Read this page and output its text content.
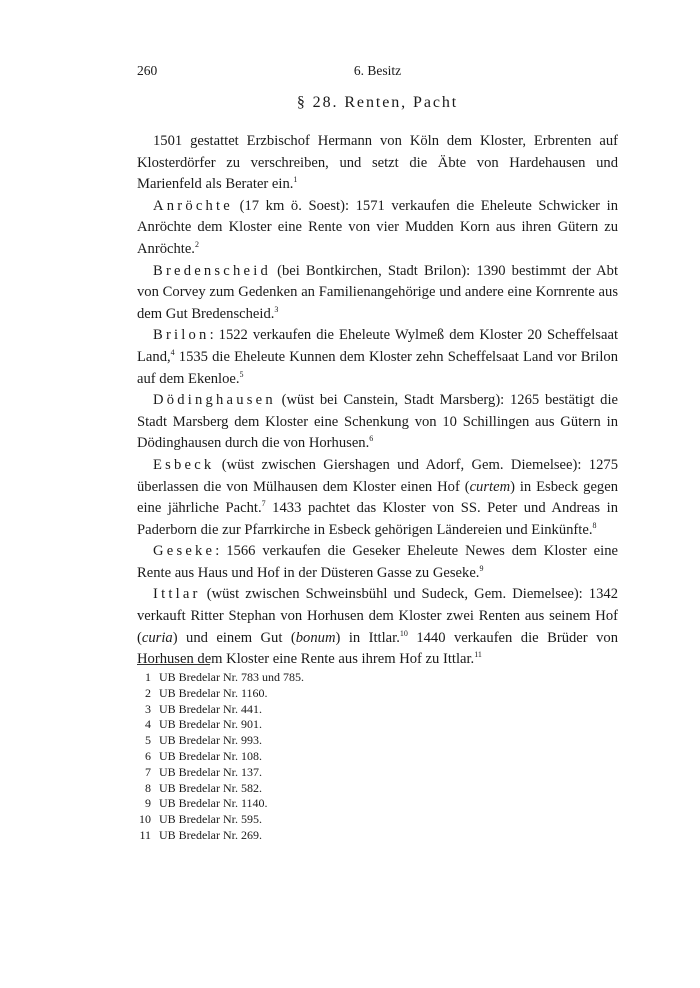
260	6. Besitz
§ 28. Renten, Pacht

1501 gestattet Erzbischof Hermann von Köln dem Kloster, Erbrenten auf Klosterdörfer zu verschreiben, und setzt die Äbte von Hardehausen und Marienfeld als Berater ein.$^1$

Anröchte (17 km ö. Soest): 1571 verkaufen die Eheleute Schwicker in Anröchte dem Kloster eine Rente von vier Mudden Korn aus ihren Gütern zu Anröchte.$^2$

Bredenscheid (bei Bontkirchen, Stadt Brilon): 1390 bestimmt der Abt von Corvey zum Gedenken an Familienangehörige und andere eine Kornrente aus dem Gut Bredenscheid.$^3$

Brilon: 1522 verkaufen die Eheleute Wylmeß dem Kloster 20 Scheffelsaat Land,$^4$ 1535 die Eheleute Kunnen dem Kloster zehn Scheffelsaat Land vor Brilon auf dem Ekenloe.$^5$

Dödinghausen (wüst bei Canstein, Stadt Marsberg): 1265 bestätigt die Stadt Marsberg dem Kloster eine Schenkung von 10 Schillingen aus Gütern in Dödinghausen durch die von Horhusen.$^6$

Esbeck (wüst zwischen Giershagen und Adorf, Gem. Diemelsee): 1275 überlassen die von Mülhausen dem Kloster einen Hof (curtem) in Esbeck gegen eine jährliche Pacht.$^7$ 1433 pachtet das Kloster von SS. Peter und Andreas in Paderborn die zur Pfarrkirche in Esbeck gehörigen Ländereien und Einkünfte.$^8$

Geseke: 1566 verkaufen die Geseker Eheleute Newes dem Kloster eine Rente aus Haus und Hof in der Düsteren Gasse zu Geseke.$^9$

Ittlar (wüst zwischen Schweinsbühl und Sudeck, Gem. Diemelsee): 1342 verkauft Ritter Stephan von Horhusen dem Kloster zwei Renten aus seinem Hof (curia) und einem Gut (bonum) in Ittlar.$^{10}$ 1440 verkaufen die Brüder von Horhusen dem Kloster eine Rente aus ihrem Hof zu Ittlar.$^{11}$

1 UB Bredelar Nr. 783 und 785.
2 UB Bredelar Nr. 1160.
3 UB Bredelar Nr. 441.
4 UB Bredelar Nr. 901.
5 UB Bredelar Nr. 993.
6 UB Bredelar Nr. 108.
7 UB Bredelar Nr. 137.
8 UB Bredelar Nr. 582.
9 UB Bredelar Nr. 1140.
10 UB Bredelar Nr. 595.
11 UB Bredelar Nr. 269.
